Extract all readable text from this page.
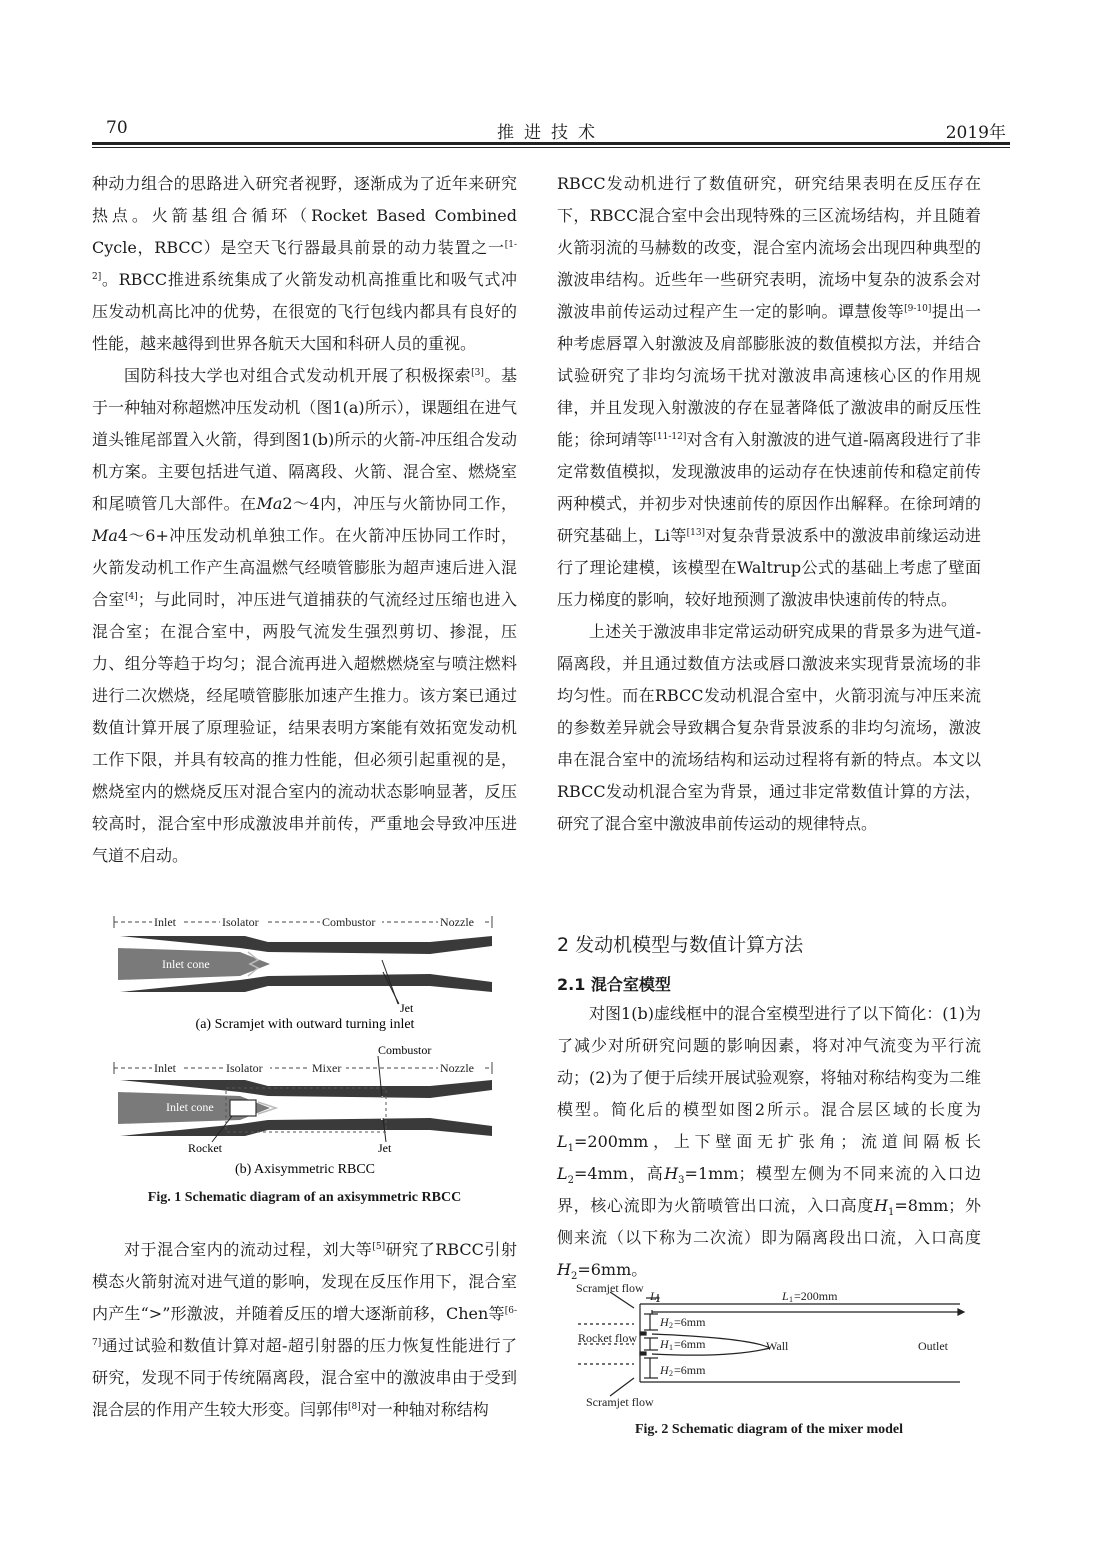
70	推进技术	2019年

种动力组合的思路进入研究者视野，逐渐成为了近年来研究热点。火箭基组合循环（Rocket Based Combined Cycle，RBCC）是空天飞行器最具前景的动力装置之一[1-2]。RBCC推进系统集成了火箭发动机高推重比和吸气式冲压发动机高比冲的优势，在很宽的飞行包线内都具有良好的性能，越来越得到世界各航天大国和科研人员的重视。

国防科技大学也对组合式发动机开展了积极探索[3]。基于一种轴对称超燃冲压发动机（图1(a)所示），课题组在进气道头锥尾部置入火箭，得到图1(b)所示的火箭-冲压组合发动机方案。主要包括进气道、隔离段、火箭、混合室、燃烧室和尾喷管几大部件。在Ma2～4内，冲压与火箭协同工作，Ma4～6+冲压发动机单独工作。在火箭冲压协同工作时，火箭发动机工作产生高温燃气经喷管膨胀为超声速后进入混合室[4]；与此同时，冲压进气道捕获的气流经过压缩也进入混合室；在混合室中，两股气流发生强烈剪切、掺混，压力、组分等趋于均匀；混合流再进入超燃燃烧室与喷注燃料进行二次燃烧，经尾喷管膨胀加速产生推力。该方案已通过数值计算开展了原理验证，结果表明方案能有效拓宽发动机工作下限，并具有较高的推力性能，但必须引起重视的是，燃烧室内的燃烧反压对混合室内的流动状态影响显著，反压较高时，混合室中形成激波串并前传，严重地会导致冲压进气道不启动。

Inlet	Isolator	Combustor	Nozzle
Inlet cone
Jet
(a) Scramjet with outward turning inlet
Combustor
Inlet	Isolator	Mixer	Nozzle
Inlet cone
Rocket	Jet
(b) Axisymmetric RBCC
Fig. 1 Schematic diagram of an axisymmetric RBCC

对于混合室内的流动过程，刘大等[5]研究了RBCC引射模态火箭射流对进气道的影响，发现在反压作用下，混合室内产生“>”形激波，并随着反压的增大逐渐前移，Chen等[6-7]通过试验和数值计算对超-超引射器的压力恢复性能进行了研究，发现不同于传统隔离段，混合室中的激波串由于受到混合层的作用产生较大形变。闫郭伟[8]对一种轴对称结构

RBCC发动机进行了数值研究，研究结果表明在反压存在下，RBCC混合室中会出现特殊的三区流场结构，并且随着火箭羽流的马赫数的改变，混合室内流场会出现四种典型的激波串结构。近些年一些研究表明，流场中复杂的波系会对激波串前传运动过程产生一定的影响。谭慧俊等[9-10]提出一种考虑唇罩入射激波及肩部膨胀波的数值模拟方法，并结合试验研究了非均匀流场干扰对激波串高速核心区的作用规律，并且发现入射激波的存在显著降低了激波串的耐反压性能；徐珂靖等[11-12]对含有入射激波的进气道-隔离段进行了非定常数值模拟，发现激波串的运动存在快速前传和稳定前传两种模式，并初步对快速前传的原因作出解释。在徐珂靖的研究基础上，Li等[13]对复杂背景波系中的激波串前缘运动进行了理论建模，该模型在Waltrup公式的基础上考虑了壁面压力梯度的影响，较好地预测了激波串快速前传的特点。

上述关于激波串非定常运动研究成果的背景多为进气道-隔离段，并且通过数值方法或唇口激波来实现背景流场的非均匀性。而在RBCC发动机混合室中，火箭羽流与冲压来流的参数差异就会导致耦合复杂背景波系的非均匀流场，激波串在混合室中的流场结构和运动过程将有新的特点。本文以RBCC发动机混合室为背景，通过非定常数值计算的方法，研究了混合室中激波串前传运动的规律特点。

2 发动机模型与数值计算方法
2.1 混合室模型

对图1(b)虚线框中的混合室模型进行了以下简化：(1)为了减少对所研究问题的影响因素，将对冲气流变为平行流动；(2)为了便于后续开展试验观察，将轴对称结构变为二维模型。简化后的模型如图2所示。混合层区域的长度为$L_1=200mm$，上下壁面无扩张角；流道间隔板长$L_2=4mm$，高$H_3=1mm$；模型左侧为不同来流的入口边界，核心流即为火箭喷管出口流，入口高度$H_1=8mm$；外侧来流（以下称为二次流）即为隔离段出口流，入口高度$H_2=6mm$。

Scramjet flow
L 2	L 1 =200mm
H 2 =6mm
Rocket flow H 1 =6mm	Wall	Outlet
H 2 =6mm
Scramjet flow
Fig. 2 Schematic diagram of the mixer model
